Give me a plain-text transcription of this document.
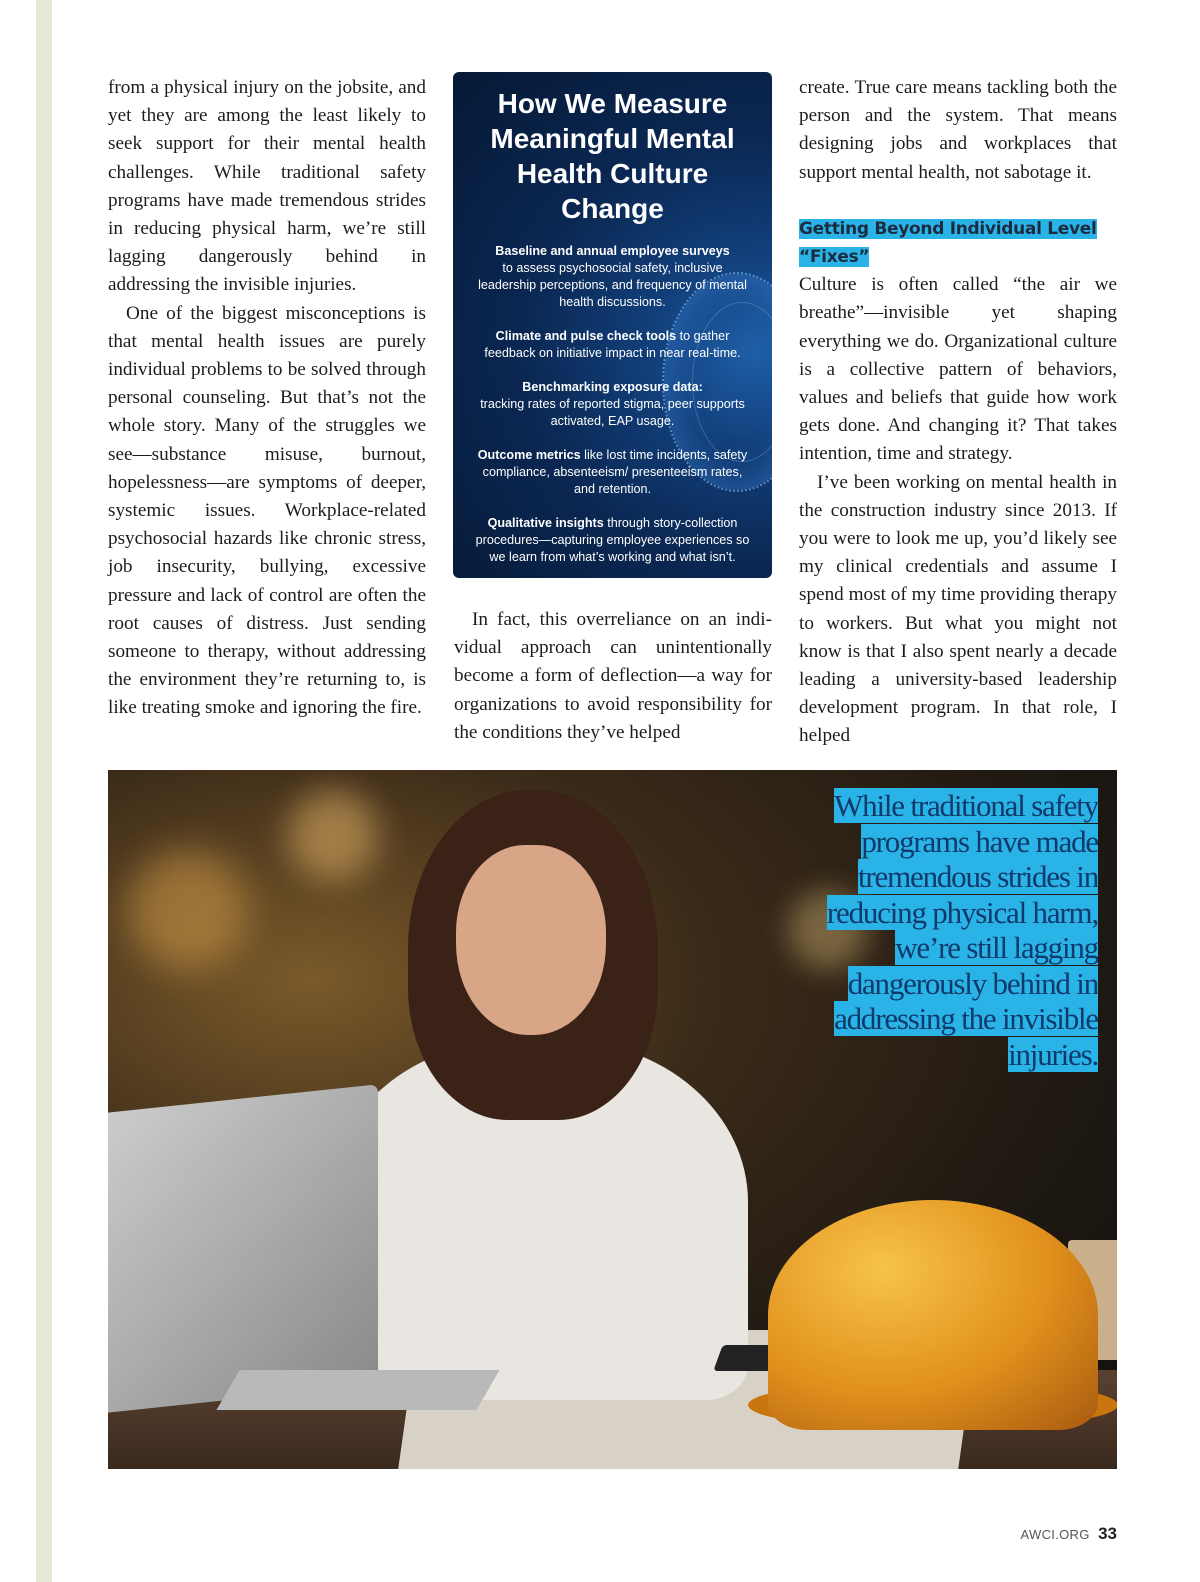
from a physical injury on the jobsite, and yet they are among the least likely to seek support for their mental health challenges. While traditional safety programs have made tremendous strides in reducing physical harm, we’re still lagging dangerously behind in addressing the invisible injuries.

One of the biggest misconceptions is that mental health issues are purely individual problems to be solved through personal counseling. But that’s not the whole story. Many of the struggles we see—substance misuse, burnout, hopelessness—are symptoms of deeper, systemic issues. Workplace-related psychosocial hazards like chronic stress, job insecurity, bullying, excessive pressure and lack of control are often the root causes of distress. Just sending someone to therapy, without addressing the environment they’re returning to, is like treating smoke and ignoring the fire.

How We Measure Meaningful Mental Health Culture Change
Baseline and annual employee surveys
to assess psychosocial safety, inclusive leadership perceptions, and frequency of mental health discussions.
Climate and pulse check tools to gather feedback on initiative impact in near real-time.
Benchmarking exposure data:
tracking rates of reported stigma, peer supports activated, EAP usage.
Outcome metrics like lost time incidents, safety compliance, absenteeism/ presenteeism rates, and retention.
Qualitative insights through story-collection procedures—capturing employee experiences so we learn from what’s working and what isn’t.

In fact, this overreliance on an individual approach can unintentionally become a form of deflection—a way for organizations to avoid responsibility for the conditions they’ve helped

create. True care means tackling both the person and the system. That means designing jobs and workplaces that support mental health, not sabotage it.

Getting Beyond Individual Level “Fixes”

Culture is often called “the air we breathe”—invisible yet shaping everything we do. Organizational culture is a collective pattern of behaviors, values and beliefs that guide how work gets done. And changing it? That takes intention, time and strategy.

I’ve been working on mental health in the construction industry since 2013. If you were to look me up, you’d likely see my clinical credentials and assume I spend most of my time providing therapy to workers. But what you might not know is that I also spent nearly a decade leading a university-based leadership development program. In that role, I helped

While traditional safety programs have made tremendous strides in reducing physical harm, we’re still lagging dangerously behind in addressing the invisible injuries.
AWCI.ORG 33
